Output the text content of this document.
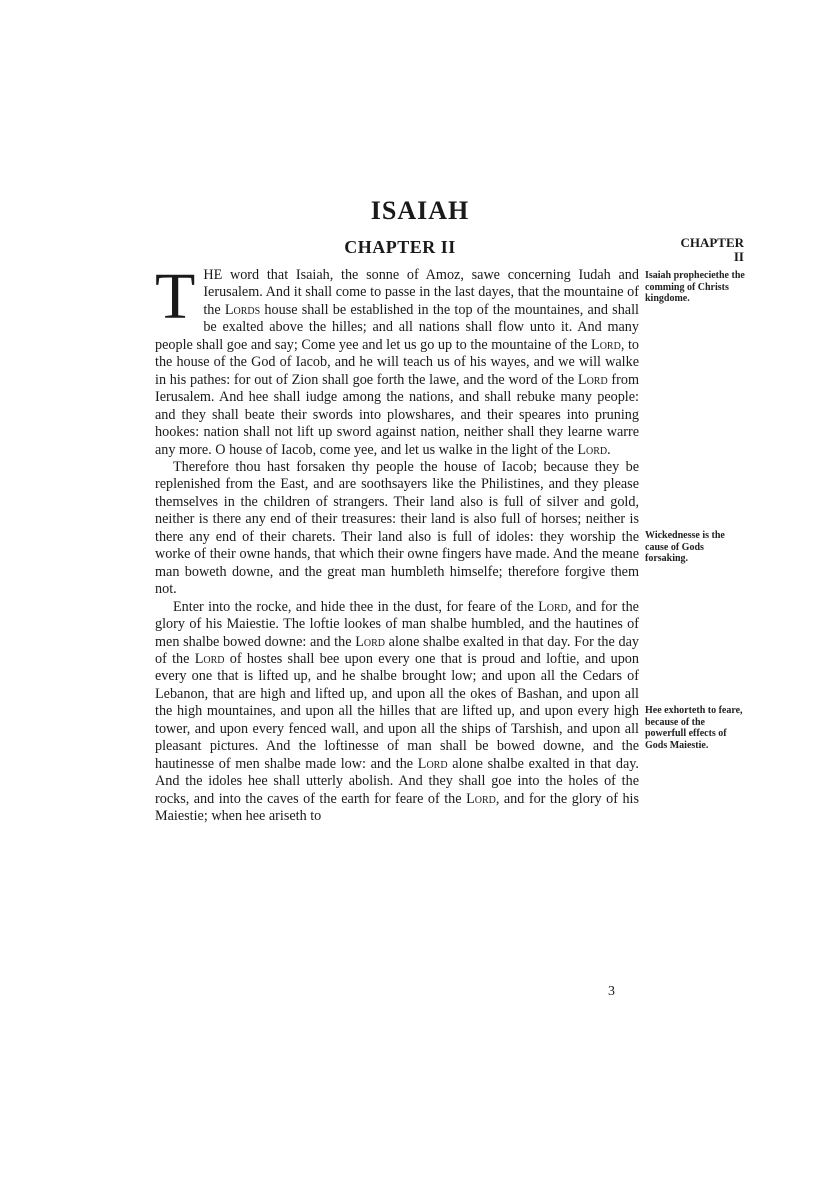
ISAIAH
CHAPTER II	CHAPTER
II

THE word that Isaiah, the sonne of Amoz, sawe concerning Iudah and Ierusalem. And it shall come to passe in the last dayes, that the mountaine of the Lords house shall be established in the top of the mountaines, and shall be exalted above the hilles; and all nations shall flow unto it. And many people shall goe and say; Come yee and let us go up to the mountaine of the Lord, to the house of the God of Iacob, and he will teach us of his wayes, and we will walke in his pathes: for out of Zion shall goe forth the lawe, and the word of the Lord from Ierusalem. And hee shall iudge among the nations, and shall rebuke many people: and they shall beate their swords into plowshares, and their speares into pruning hookes: nation shall not lift up sword against nation, neither shall they learne warre any more. O house of Iacob, come yee, and let us walke in the light of the Lord.

Therefore thou hast forsaken thy people the house of Iacob; because they be replenished from the East, and are soothsayers like the Philistines, and they please themselves in the children of strangers. Their land also is full of silver and gold, neither is there any end of their treasures: their land is also full of horses; neither is there any end of their charets. Their land also is full of idoles: they worship the worke of their owne hands, that which their owne fingers have made. And the meane man boweth downe, and the great man humbleth himselfe; therefore forgive them not.

Enter into the rocke, and hide thee in the dust, for feare of the Lord, and for the glory of his Maiestie. The loftie lookes of man shalbe humbled, and the hautines of men shalbe bowed downe: and the Lord alone shalbe exalted in that day. For the day of the Lord of hostes shall bee upon every one that is proud and loftie, and upon every one that is lifted up, and he shalbe brought low; and upon all the Cedars of Lebanon, that are high and lifted up, and upon all the okes of Bashan, and upon all the high mountaines, and upon all the hilles that are lifted up, and upon every high tower, and upon every fenced wall, and upon all the ships of Tarshish, and upon all pleasant pictures. And the loftinesse of man shall be bowed downe, and the hautinesse of men shalbe made low: and the Lord alone shalbe exalted in that day. And the idoles hee shall utterly abolish. And they shall goe into the holes of the rocks, and into the caves of the earth for feare of the Lord, and for the glory of his Maiestie; when hee ariseth to

Isaiah propheciethe the comming of Christs kingdome.
Wickednesse is the cause of Gods forsaking.
Hee exhorteth to feare, because of the powerfull effects of Gods Maiestie.
3
